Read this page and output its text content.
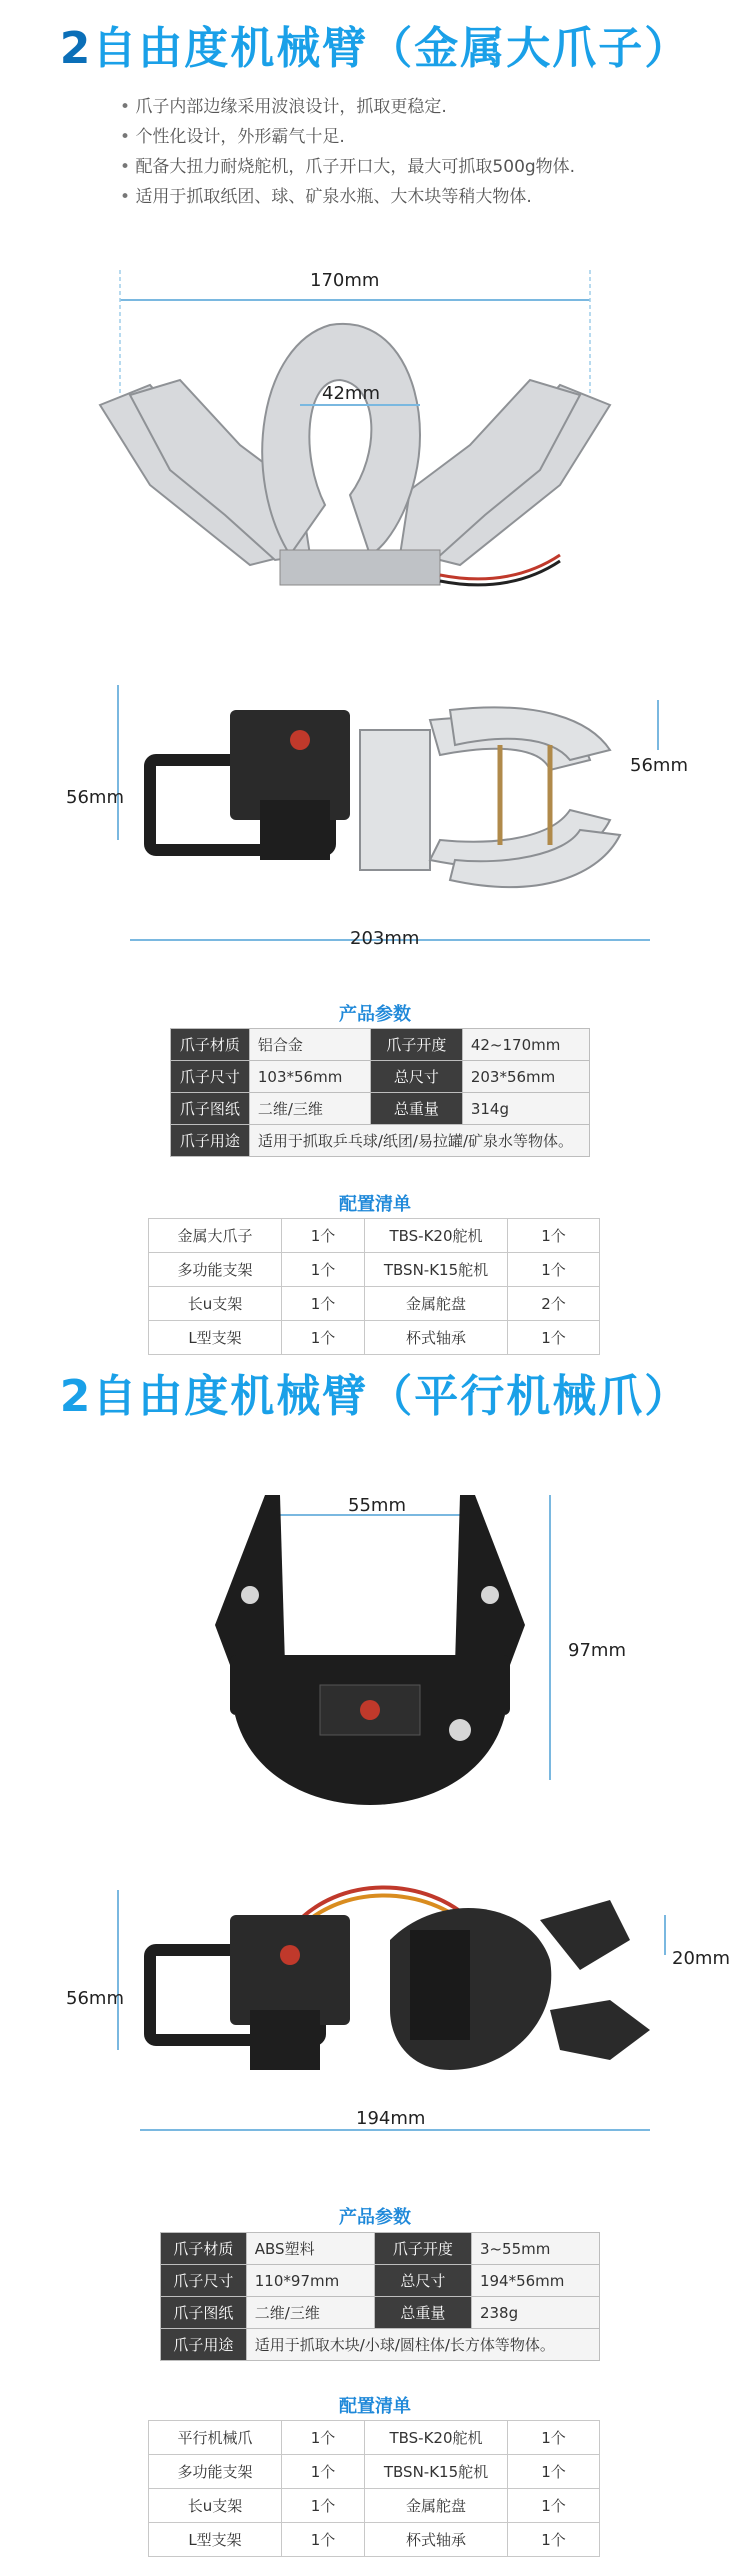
2自由度机械臂（金属大爪子）
• 爪子内部边缘采用波浪设计，抓取更稳定.
• 个性化设计，外形霸气十足.
• 配备大扭力耐烧舵机，爪子开口大，最大可抓取500g物体.
• 适用于抓取纸团、球、矿泉水瓶、大木块等稍大物体.
170mm
42mm
56mm
56mm
203mm
产品参数
爪子材质	铝合金	爪子开度	42~170mm
爪子尺寸	103*56mm	总尺寸	203*56mm
爪子图纸	二维/三维	总重量	314g
爪子用途	适用于抓取乒乓球/纸团/易拉罐/矿泉水等物体。		
配置清单
金属大爪子	1个	TBS-K20舵机	1个
多功能支架	1个	TBSN-K15舵机	1个
长u支架	1个	金属舵盘	2个
L型支架	1个	杯式轴承	1个
2自由度机械臂（平行机械爪）
55mm
97mm
56mm
20mm
194mm
产品参数
爪子材质	ABS塑料	爪子开度	3~55mm
爪子尺寸	110*97mm	总尺寸	194*56mm
爪子图纸	二维/三维	总重量	238g
爪子用途	适用于抓取木块/小球/圆柱体/长方体等物体。		
配置清单
平行机械爪	1个	TBS-K20舵机	1个
多功能支架	1个	TBSN-K15舵机	1个
长u支架	1个	金属舵盘	1个
L型支架	1个	杯式轴承	1个
